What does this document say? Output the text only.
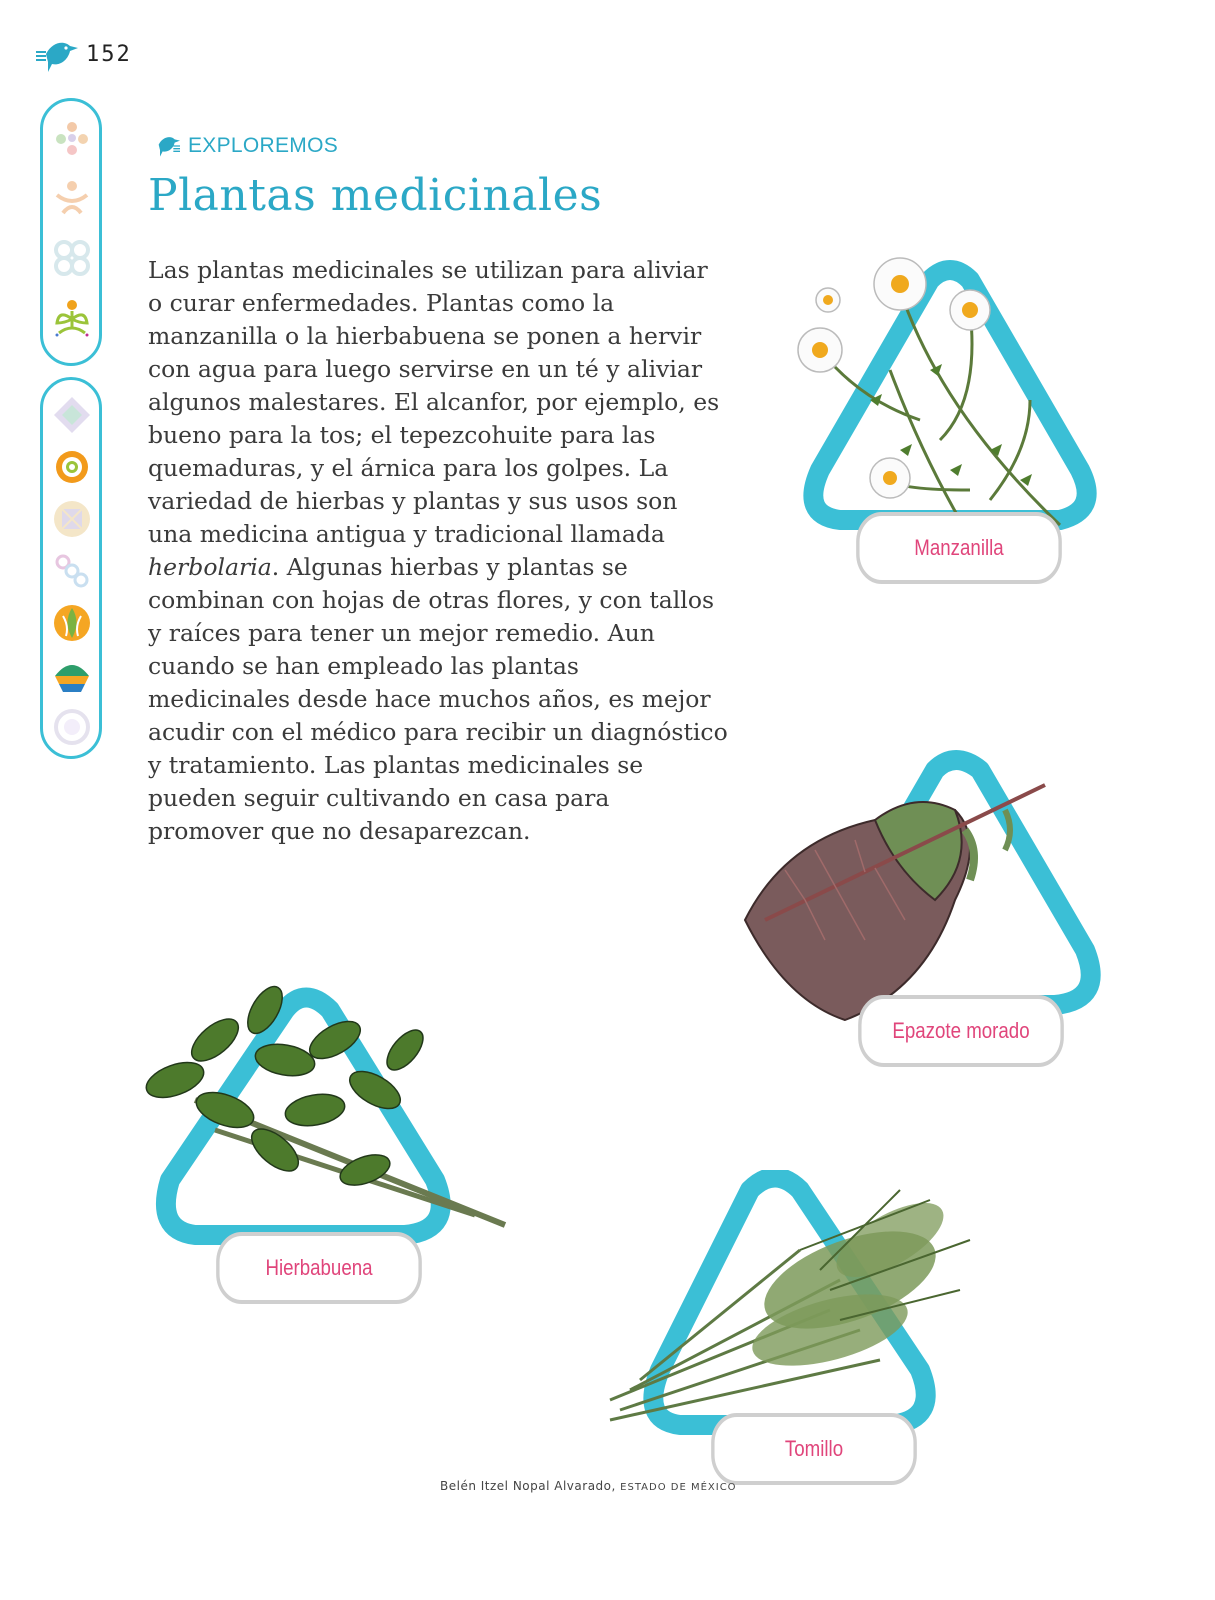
152
EXPLOREMOS
Plantas medicinales

Las plantas medicinales se utilizan para aliviar o curar enfermedades. Plantas como la manzanilla o la hierbabuena se ponen a hervir con agua para luego servirse en un té y aliviar algunos malestares. El alcanfor, por ejemplo, es bueno para la tos; el tepezcohuite para las quemaduras, y el árnica para los golpes. La variedad de hierbas y plantas y sus usos son una medicina antigua y tradicional llamada herbolaria. Algunas hierbas y plantas se combinan con hojas de otras flores, y con tallos y raíces para tener un mejor remedio. Aun cuando se han empleado las plantas medicinales desde hace muchos años, es mejor acudir con el médico para recibir un diagnóstico y tratamiento. Las plantas medicinales se pueden seguir cultivando en casa para promover que no desaparezcan.

Manzanilla
Epazote morado
Hierbabuena
Tomillo
Belén Itzel Nopal Alvarado, ESTADO DE MÉXICO
